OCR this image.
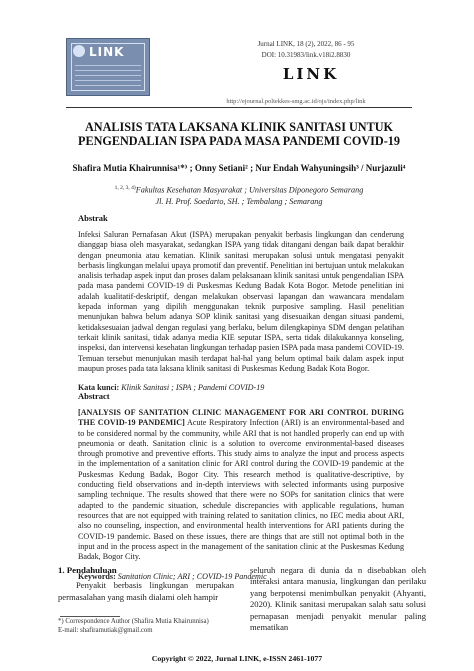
LINK
Jurnal LINK, 18 (2), 2022, 86 - 95
DOI: 10.31983/link.v18i2.8830
LINK
http://ejournal.poltekkes-smg.ac.id/ojs/index.php/link
ANALISIS TATA LAKSANA KLINIK SANITASI UNTUK PENGENDALIAN ISPA PADA MASA PANDEMI COVID-19
Shafira Mutia Khairunnisa¹*⁾ ; Onny Setiani² ; Nur Endah Wahyuningsih³ / Nurjazuli⁴
$^{1, 2, 3, 4)}$Fakultas Kesehatan Masyarakat ; Universitas Diponegoro Semarang
Jl. H. Prof. Soedarto, SH. ; Tembalang ; Semarang
Abstrak
Infeksi Saluran Pernafasan Akut (ISPA) merupakan penyakit berbasis lingkungan dan cenderung dianggap biasa oleh masyarakat, sedangkan ISPA yang tidak ditangani dengan baik dapat berakhir dengan pneumonia atau kematian. Klinik sanitasi merupakan solusi untuk mengatasi penyakit berbasis lingkungan melalui upaya promotif dan preventif. Penelitian ini bertujuan untuk melakukan analisis terhadap aspek input dan proses dalam pelaksanaan klinik sanitasi untuk pengendalian ISPA pada masa pandemi COVID-19 di Puskesmas Kedung Badak Kota Bogor. Metode penelitian ini adalah kualitatif-deskriptif, dengan melakukan observasi lapangan dan wawancara mendalam kepada informan yang dipilih menggunakan teknik purposive sampling. Hasil penelitian menunjukan bahwa belum adanya SOP klinik sanitasi yang disesuaikan dengan situasi pandemi, ketidaksesuaian jadwal dengan regulasi yang berlaku, belum dilengkapinya SDM dengan pelatihan terkait klinik sanitasi, tidak adanya media KIE seputar ISPA, serta tidak dilakukannya konseling, inspeksi, dan intervensi kesehatan lingkungan terhadap pasien ISPA pada masa pandemi COVID-19. Temuan tersebut menunjukan masih terdapat hal-hal yang belum optimal baik dalam aspek input maupun proses pada tata laksana klinik sanitasi di Puskesmas Kedung Badak Kota Bogor.
Kata kunci: Klinik Sanitasi ; ISPA ; Pandemi COVID-19
Abstract
[ANALYSIS OF SANITATION CLINIC MANAGEMENT FOR ARI CONTROL DURING THE COVID-19 PANDEMIC] Acute Respiratory Infection (ARI) is an environmental-based and to be considered normal by the community, while ARI that is not handled properly can end up with pneumonia or death. Sanitation clinic is a solution to overcome environmental-based diseases through promotive and preventive efforts. This study aims to analyze the input and process aspects in the implementation of a sanitation clinic for ARI control during the COVID-19 pandemic at the Puskesmas Kedung Badak, Bogor City. This research method is qualitative-descriptive, by conducting field observations and in-depth interviews with selected informants using purposive sampling technique. The results showed that there were no SOPs for sanitation clinics that were adapted to the pandemic situation, schedule discrepancies with applicable regulations, human resources that are not equipped with training related to sanitation clinics, no IEC media about ARI, also no counseling, inspection, and environmental health interventions for ARI patients during the COVID-19 pandemic. Based on these issues, there are things that are still not optimal both in the input and in the process aspect in the management of the sanitation clinic at the Puskesmas Kedung Badak, Bogor City.
Keywords: Sanitation Clinic; ARI ; COVID-19 Pandemic
1. Pendahuluan
Penyakit berbasis lingkungan merupakan permasalahan yang masih dialami oleh hampir
seluruh negara di dunia da n disebabkan oleh interaksi antara manusia, lingkungan dan perilaku yang berpotensi menimbulkan penyakit (Ahyanti, 2020). Klinik sanitasi merupakan salah satu solusi pernapasan menjadi penyakit menular paling mematikan
*) Correspondence Author (Shafira Mutia Khairunnisa)
E-mail: shafiramutiak@gmail.com
Copyright © 2022, Jurnal LINK, e-ISSN 2461-1077
